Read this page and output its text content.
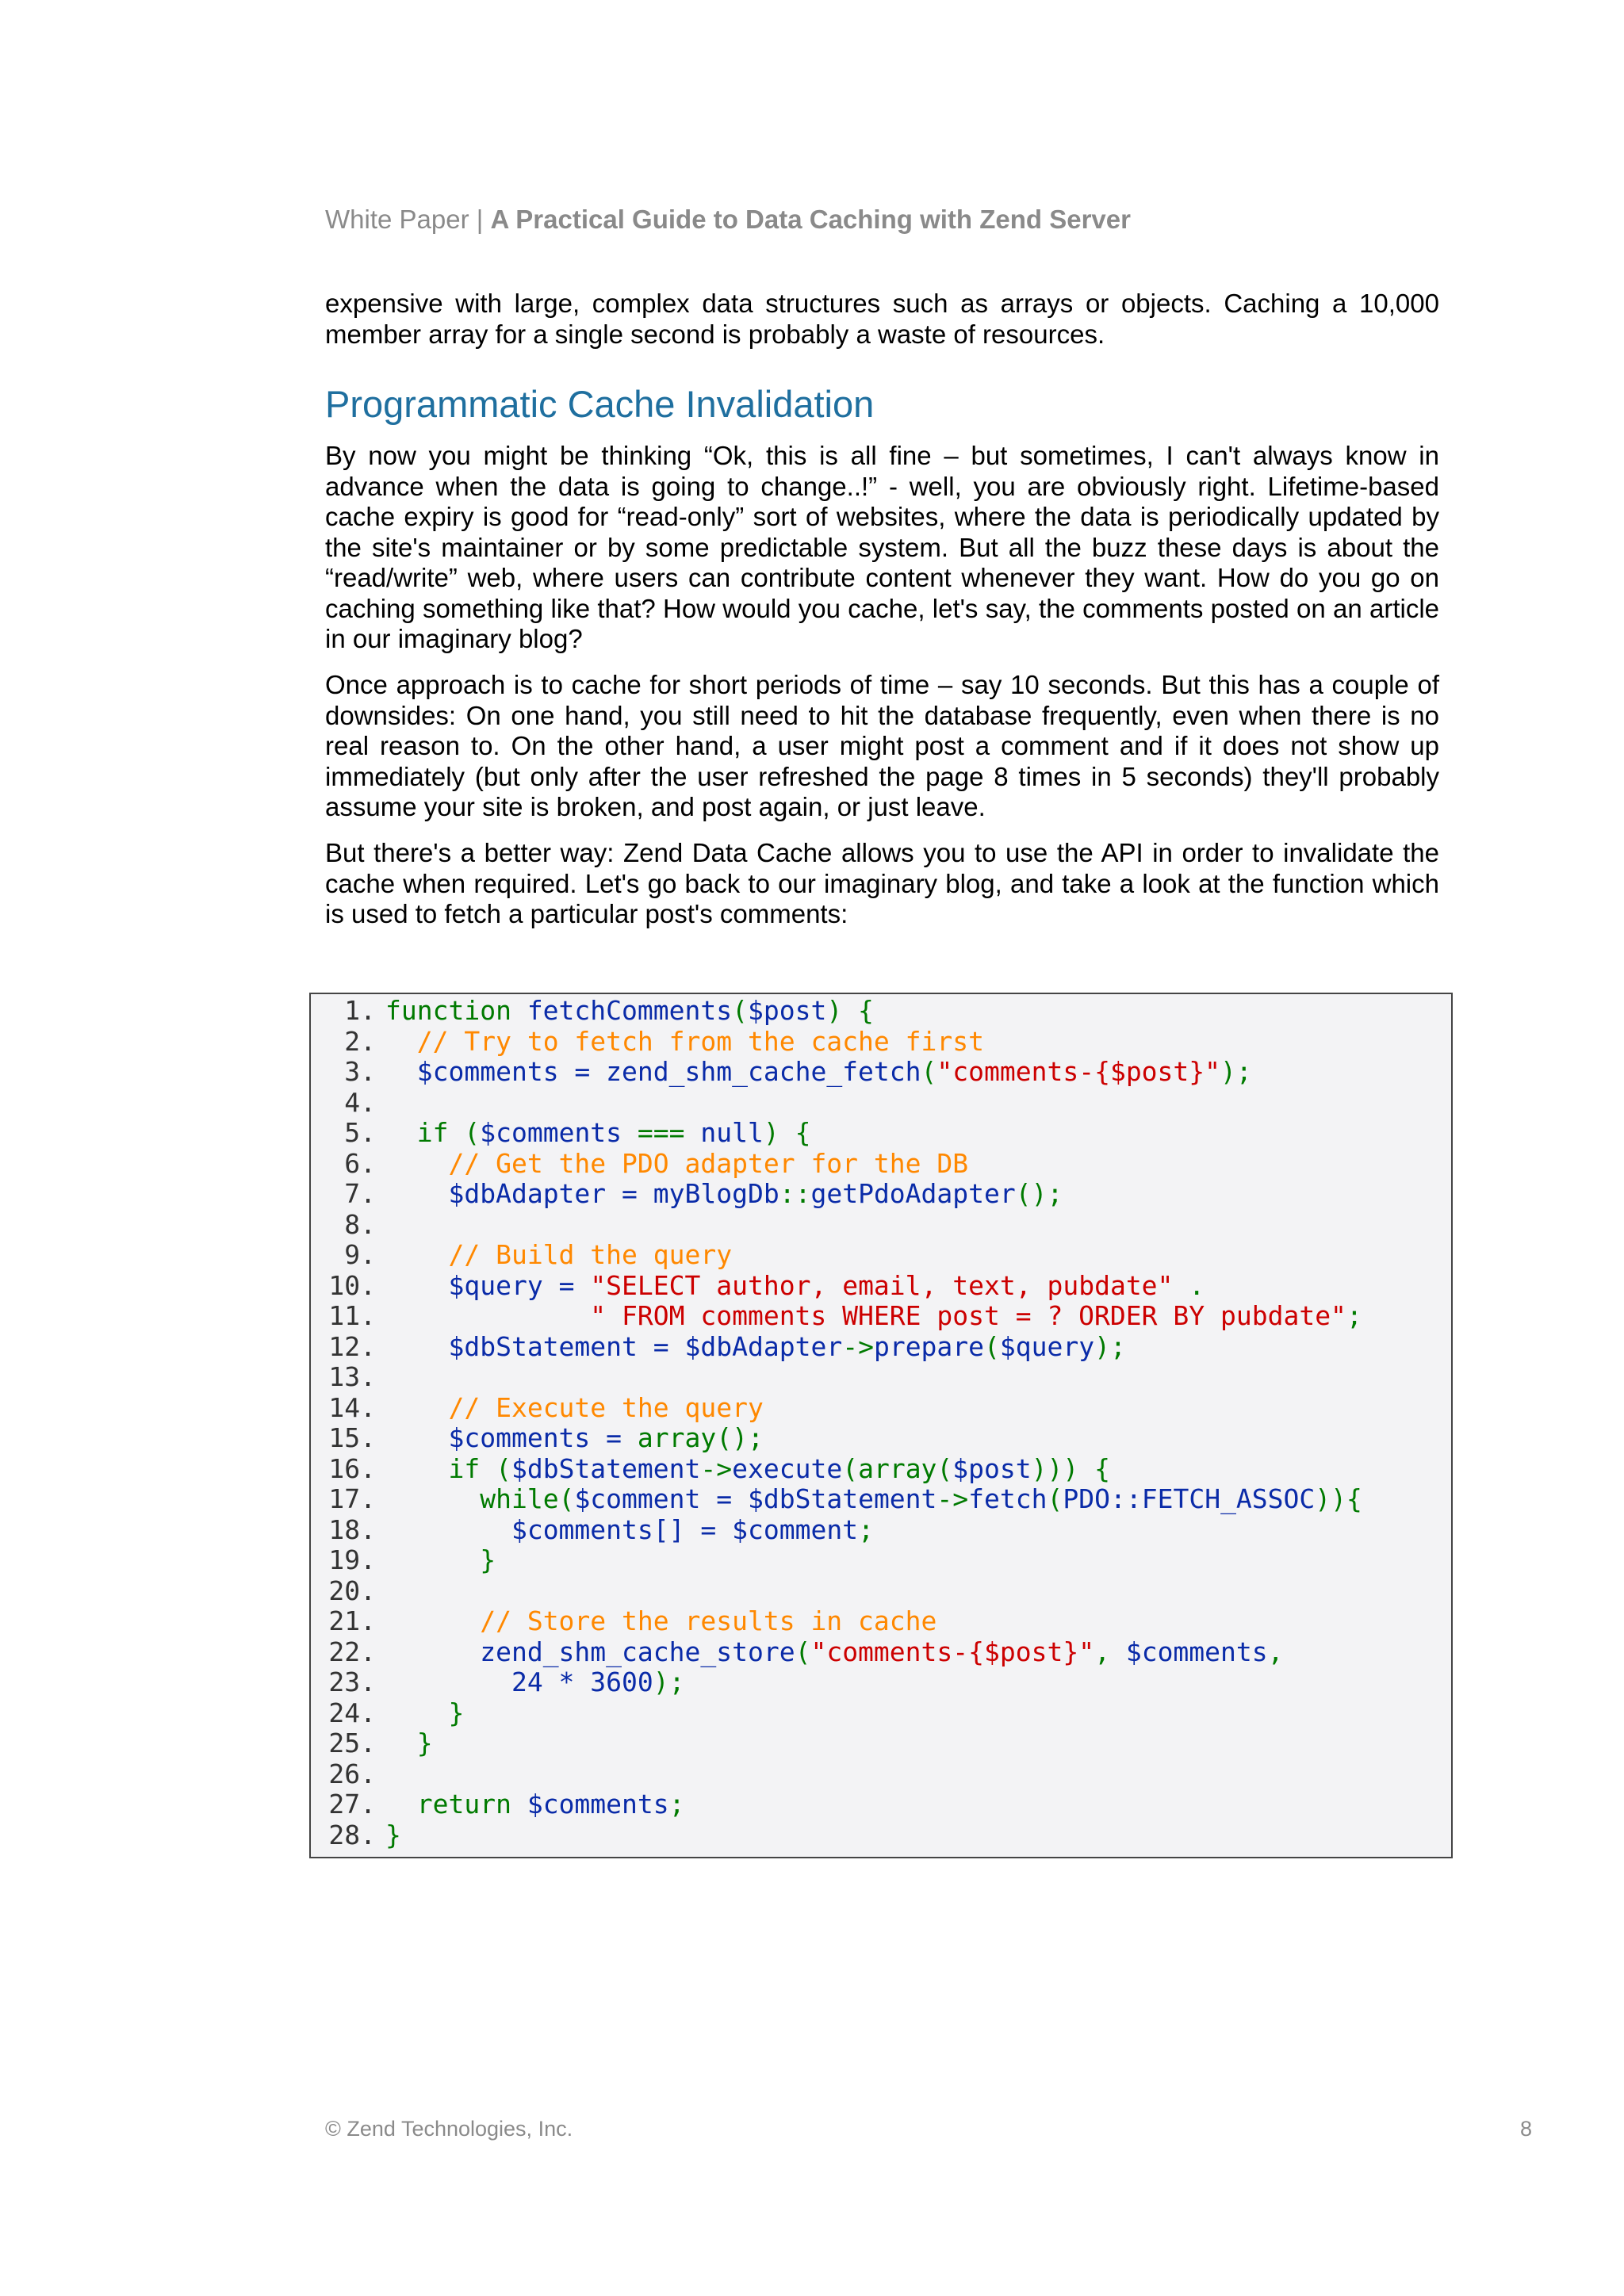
White Paper | A Practical Guide to Data Caching with Zend Server
expensive with large, complex data structures such as arrays or objects. Caching a 10,000 member array for a single second is probably a waste of resources.
Programmatic Cache Invalidation
By now you might be thinking “Ok, this is all fine – but sometimes, I can't always know in advance when the data is going to change..!” - well, you are obviously right. Lifetime-based cache expiry is good for “read-only” sort of websites, where the data is periodically updated by the site's maintainer or by some predictable system. But all the buzz these days is about the “read/write” web, where users can contribute content whenever they want. How do you go on caching something like that? How would you cache, let's say, the comments posted on an article in our imaginary blog?
Once approach is to cache for short periods of time – say 10 seconds. But this has a couple of downsides: On one hand, you still need to hit the database frequently, even when there is no real reason to. On the other hand, a user might post a comment and if it does not show up immediately (but only after the user refreshed the page 8 times in 5 seconds) they'll probably assume your site is broken, and post again, or just leave.
But there's a better way: Zend Data Cache allows you to use the API in order to invalidate the cache when required. Let's go back to our imaginary blog, and take a look at the function which is used to fetch a particular post's comments:
1. function fetchComments($post) {
2. // Try to fetch from the cache first
3. $comments = zend_shm_cache_fetch("comments-{$post}");
4.
5. if ($comments === null) {
6.	// Get the PDO adapter for the DB
7.	$dbAdapter = myBlogDb::getPdoAdapter();
8.
9.	// Build the query
10.	$query = "SELECT author, email, text, pubdate" .
11.	" FROM comments WHERE post = ? ORDER BY pubdate";
12.	$dbStatement = $dbAdapter->prepare($query);
13.
14.	// Execute the query
15.	$comments = array();
16.	if ($dbStatement->execute(array($post))) {
17.	while($comment = $dbStatement->fetch(PDO::FETCH_ASSOC)){
18.	$comments[] = $comment;
19.	}
20.
21.	// Store the results in cache
22.	zend_shm_cache_store("comments-{$post}", $comments,
23.	24 * 3600);
24.	}
25. }
26.
27. return $comments;
28. }
© Zend Technologies, Inc.	8
